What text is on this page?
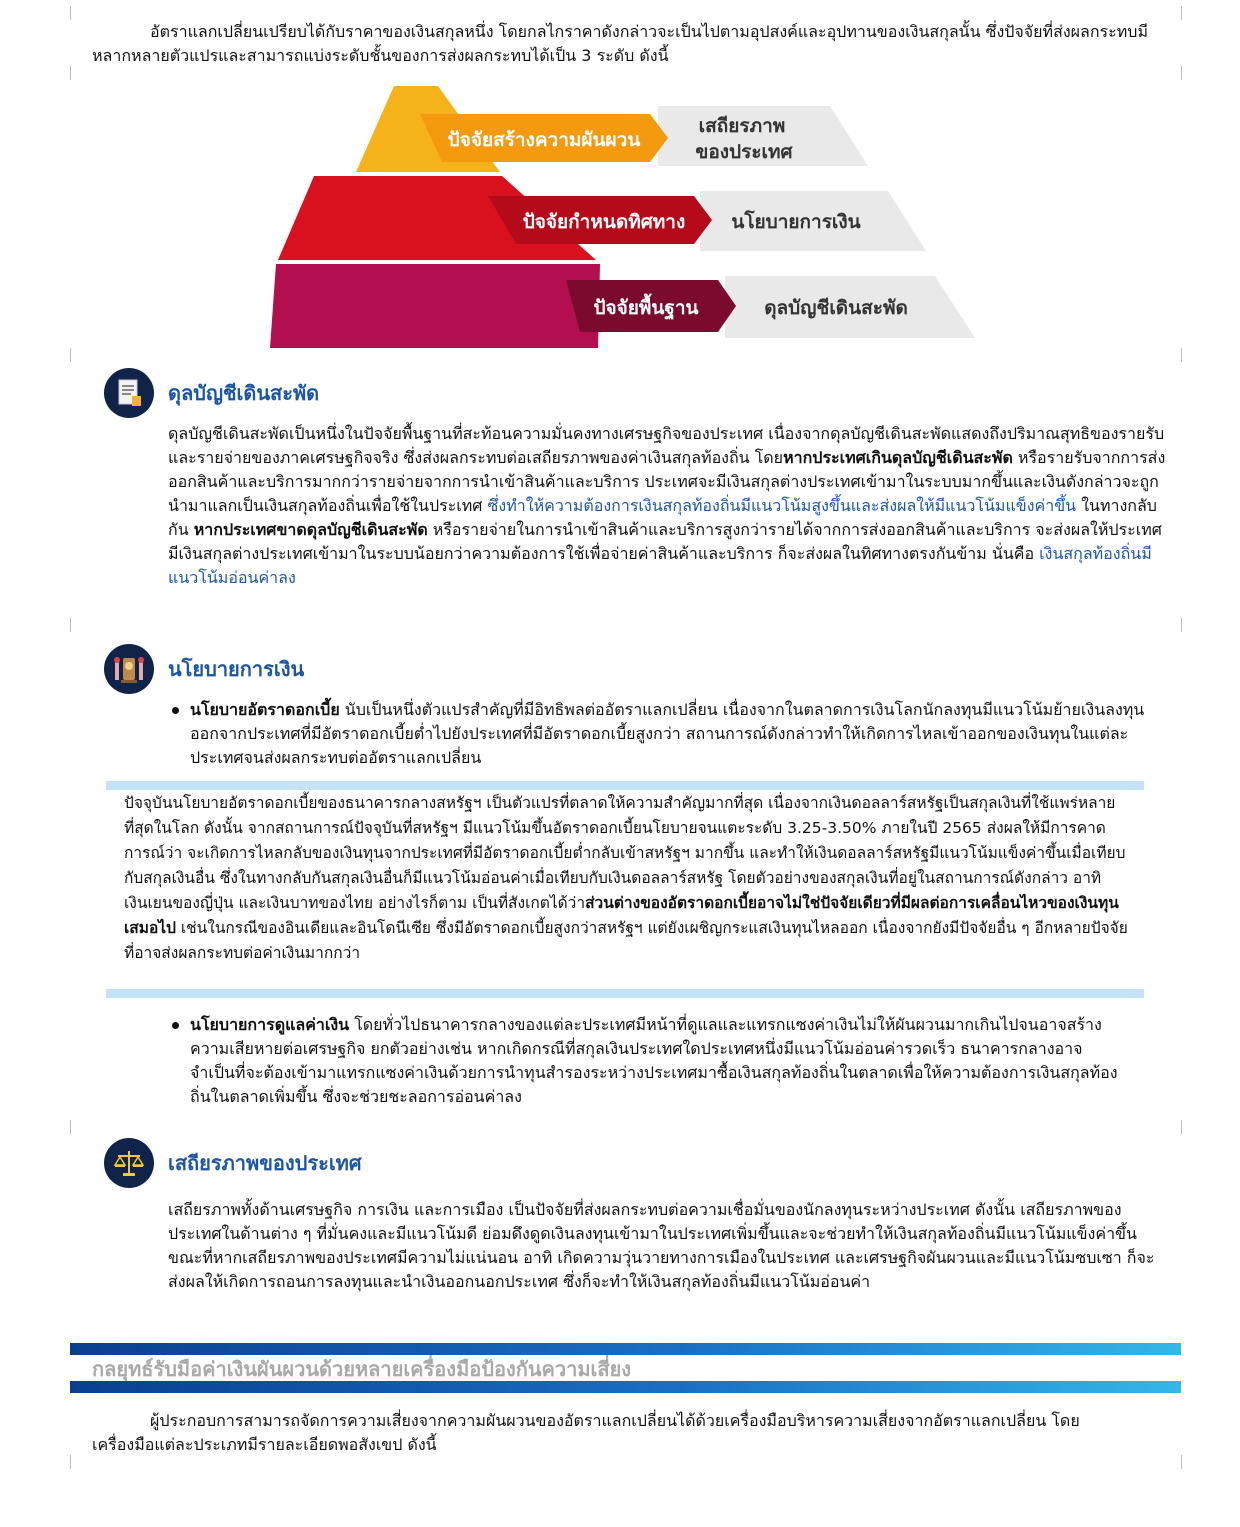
อัตราแลกเปลี่ยนเปรียบได้กับราคาของเงินสกุลหนึ่ง โดยกลไกราคาดังกล่าวจะเป็นไปตามอุปสงค์และอุปทานของเงินสกุลนั้น ซึ่งปัจจัยที่ส่งผลกระทบมีหลากหลายตัวแปรและสามารถแบ่งระดับชั้นของการส่งผลกระทบได้เป็น 3 ระดับ ดังนี้

ปัจจัยสร้างความผันผวน
ปัจจัยกำหนดทิศทาง
ปัจจัยพื้นฐาน
เสถียรภาพ
ของประเทศ
นโยบายการเงิน
ดุลบัญชีเดินสะพัด
ดุลบัญชีเดินสะพัด

ดุลบัญชีเดินสะพัดเป็นหนึ่งในปัจจัยพื้นฐานที่สะท้อนความมั่นคงทางเศรษฐกิจของประเทศ เนื่องจากดุลบัญชีเดินสะพัดแสดงถึงปริมาณสุทธิของรายรับและรายจ่ายของภาคเศรษฐกิจจริง ซึ่งส่งผลกระทบต่อเสถียรภาพของค่าเงินสกุลท้องถิ่น โดยหากประเทศเกินดุลบัญชีเดินสะพัด หรือรายรับจากการส่งออกสินค้าและบริการมากกว่ารายจ่ายจากการนำเข้าสินค้าและบริการ ประเทศจะมีเงินสกุลต่างประเทศเข้ามาในระบบมากขึ้นและเงินดังกล่าวจะถูกนำมาแลกเป็นเงินสกุลท้องถิ่นเพื่อใช้ในประเทศ ซึ่งทำให้ความต้องการเงินสกุลท้องถิ่นมีแนวโน้มสูงขึ้นและส่งผลให้มีแนวโน้มแข็งค่าขึ้น ในทางกลับกัน หากประเทศขาดดุลบัญชีเดินสะพัด หรือรายจ่ายในการนำเข้าสินค้าและบริการสูงกว่ารายได้จากการส่งออกสินค้าและบริการ จะส่งผลให้ประเทศมีเงินสกุลต่างประเทศเข้ามาในระบบน้อยกว่าความต้องการใช้เพื่อจ่ายค่าสินค้าและบริการ ก็จะส่งผลในทิศทางตรงกันข้าม นั่นคือ เงินสกุลท้องถิ่นมีแนวโน้มอ่อนค่าลง

นโยบายการเงิน

นโยบายอัตราดอกเบี้ย นับเป็นหนึ่งตัวแปรสำคัญที่มีอิทธิพลต่ออัตราแลกเปลี่ยน เนื่องจากในตลาดการเงินโลกนักลงทุนมีแนวโน้มย้ายเงินลงทุนออกจากประเทศที่มีอัตราดอกเบี้ยต่ำไปยังประเทศที่มีอัตราดอกเบี้ยสูงกว่า สถานการณ์ดังกล่าวทำให้เกิดการไหลเข้าออกของเงินทุนในแต่ละประเทศจนส่งผลกระทบต่ออัตราแลกเปลี่ยน

ปัจจุบันนโยบายอัตราดอกเบี้ยของธนาคารกลางสหรัฐฯ เป็นตัวแปรที่ตลาดให้ความสำคัญมากที่สุด เนื่องจากเงินดอลลาร์สหรัฐเป็นสกุลเงินที่ใช้แพร่หลายที่สุดในโลก ดังนั้น จากสถานการณ์ปัจจุบันที่สหรัฐฯ มีแนวโน้มขึ้นอัตราดอกเบี้ยนโยบายจนแตะระดับ 3.25-3.50% ภายในปี 2565 ส่งผลให้มีการคาดการณ์ว่า จะเกิดการไหลกลับของเงินทุนจากประเทศที่มีอัตราดอกเบี้ยต่ำกลับเข้าสหรัฐฯ มากขึ้น และทำให้เงินดอลลาร์สหรัฐมีแนวโน้มแข็งค่าขึ้นเมื่อเทียบกับสกุลเงินอื่น ซึ่งในทางกลับกันสกุลเงินอื่นก็มีแนวโน้มอ่อนค่าเมื่อเทียบกับเงินดอลลาร์สหรัฐ โดยตัวอย่างของสกุลเงินที่อยู่ในสถานการณ์ดังกล่าว อาทิ เงินเยนของญี่ปุ่น และเงินบาทของไทย อย่างไรก็ตาม เป็นที่สังเกตได้ว่าส่วนต่างของอัตราดอกเบี้ยอาจไม่ใช่ปัจจัยเดียวที่มีผลต่อการเคลื่อนไหวของเงินทุนเสมอไป เช่นในกรณีของอินเดียและอินโดนีเซีย ซึ่งมีอัตราดอกเบี้ยสูงกว่าสหรัฐฯ แต่ยังเผชิญกระแสเงินทุนไหลออก เนื่องจากยังมีปัจจัยอื่น ๆ อีกหลายปัจจัยที่อาจส่งผลกระทบต่อค่าเงินมากกว่า

นโยบายการดูแลค่าเงิน โดยทั่วไปธนาคารกลางของแต่ละประเทศมีหน้าที่ดูแลและแทรกแซงค่าเงินไม่ให้ผันผวนมากเกินไปจนอาจสร้างความเสียหายต่อเศรษฐกิจ ยกตัวอย่างเช่น หากเกิดกรณีที่สกุลเงินประเทศใดประเทศหนึ่งมีแนวโน้มอ่อนค่ารวดเร็ว ธนาคารกลางอาจจำเป็นที่จะต้องเข้ามาแทรกแซงค่าเงินด้วยการนำทุนสำรองระหว่างประเทศมาซื้อเงินสกุลท้องถิ่นในตลาดเพื่อให้ความต้องการเงินสกุลท้องถิ่นในตลาดเพิ่มขึ้น ซึ่งจะช่วยชะลอการอ่อนค่าลง

เสถียรภาพของประเทศ

เสถียรภาพทั้งด้านเศรษฐกิจ การเงิน และการเมือง เป็นปัจจัยที่ส่งผลกระทบต่อความเชื่อมั่นของนักลงทุนระหว่างประเทศ ดังนั้น เสถียรภาพของประเทศในด้านต่าง ๆ ที่มั่นคงและมีแนวโน้มดี ย่อมดึงดูดเงินลงทุนเข้ามาในประเทศเพิ่มขึ้นและจะช่วยทำให้เงินสกุลท้องถิ่นมีแนวโน้มแข็งค่าขึ้น ขณะที่หากเสถียรภาพของประเทศมีความไม่แน่นอน อาทิ เกิดความวุ่นวายทางการเมืองในประเทศ และเศรษฐกิจผันผวนและมีแนวโน้มซบเซา ก็จะส่งผลให้เกิดการถอนการลงทุนและนำเงินออกนอกประเทศ ซึ่งก็จะทำให้เงินสกุลท้องถิ่นมีแนวโน้มอ่อนค่า

กลยุทธ์รับมือค่าเงินผันผวนด้วยหลายเครื่องมือป้องกันความเสี่ยง

ผู้ประกอบการสามารถจัดการความเสี่ยงจากความผันผวนของอัตราแลกเปลี่ยนได้ด้วยเครื่องมือบริหารความเสี่ยงจากอัตราแลกเปลี่ยน โดยเครื่องมือแต่ละประเภทมีรายละเอียดพอสังเขป ดังนี้
